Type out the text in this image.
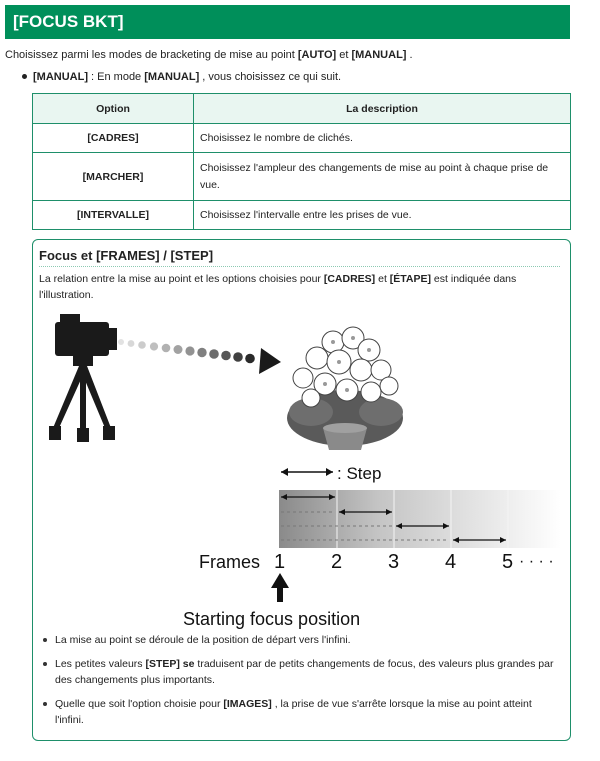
[FOCUS BKT]
Choisissez parmi les modes de bracketing de mise au point [AUTO] et [MANUAL] .
[MANUAL] : En mode [MANUAL] , vous choisissez ce qui suit.
Option	La description
[CADRES]	Choisissez le nombre de clichés.
[MARCHER]	Choisissez l'ampleur des changements de mise au point à chaque prise de vue.
[INTERVALLE]	Choisissez l'intervalle entre les prises de vue.
Focus et [FRAMES] / [STEP]
La relation entre la mise au point et les options choisies pour [CADRES] et [ÉTAPE] est indiquée dans l'illustration.
: Step
Frames 1 2 3 4 5 · · · ·
Starting focus position
La mise au point se déroule de la position de départ vers l'infini.
Les petites valeurs [STEP] se traduisent par de petits changements de focus, des valeurs plus grandes par des changements plus importants.
Quelle que soit l'option choisie pour [IMAGES] , la prise de vue s'arrête lorsque la mise au point atteint l'infini.
